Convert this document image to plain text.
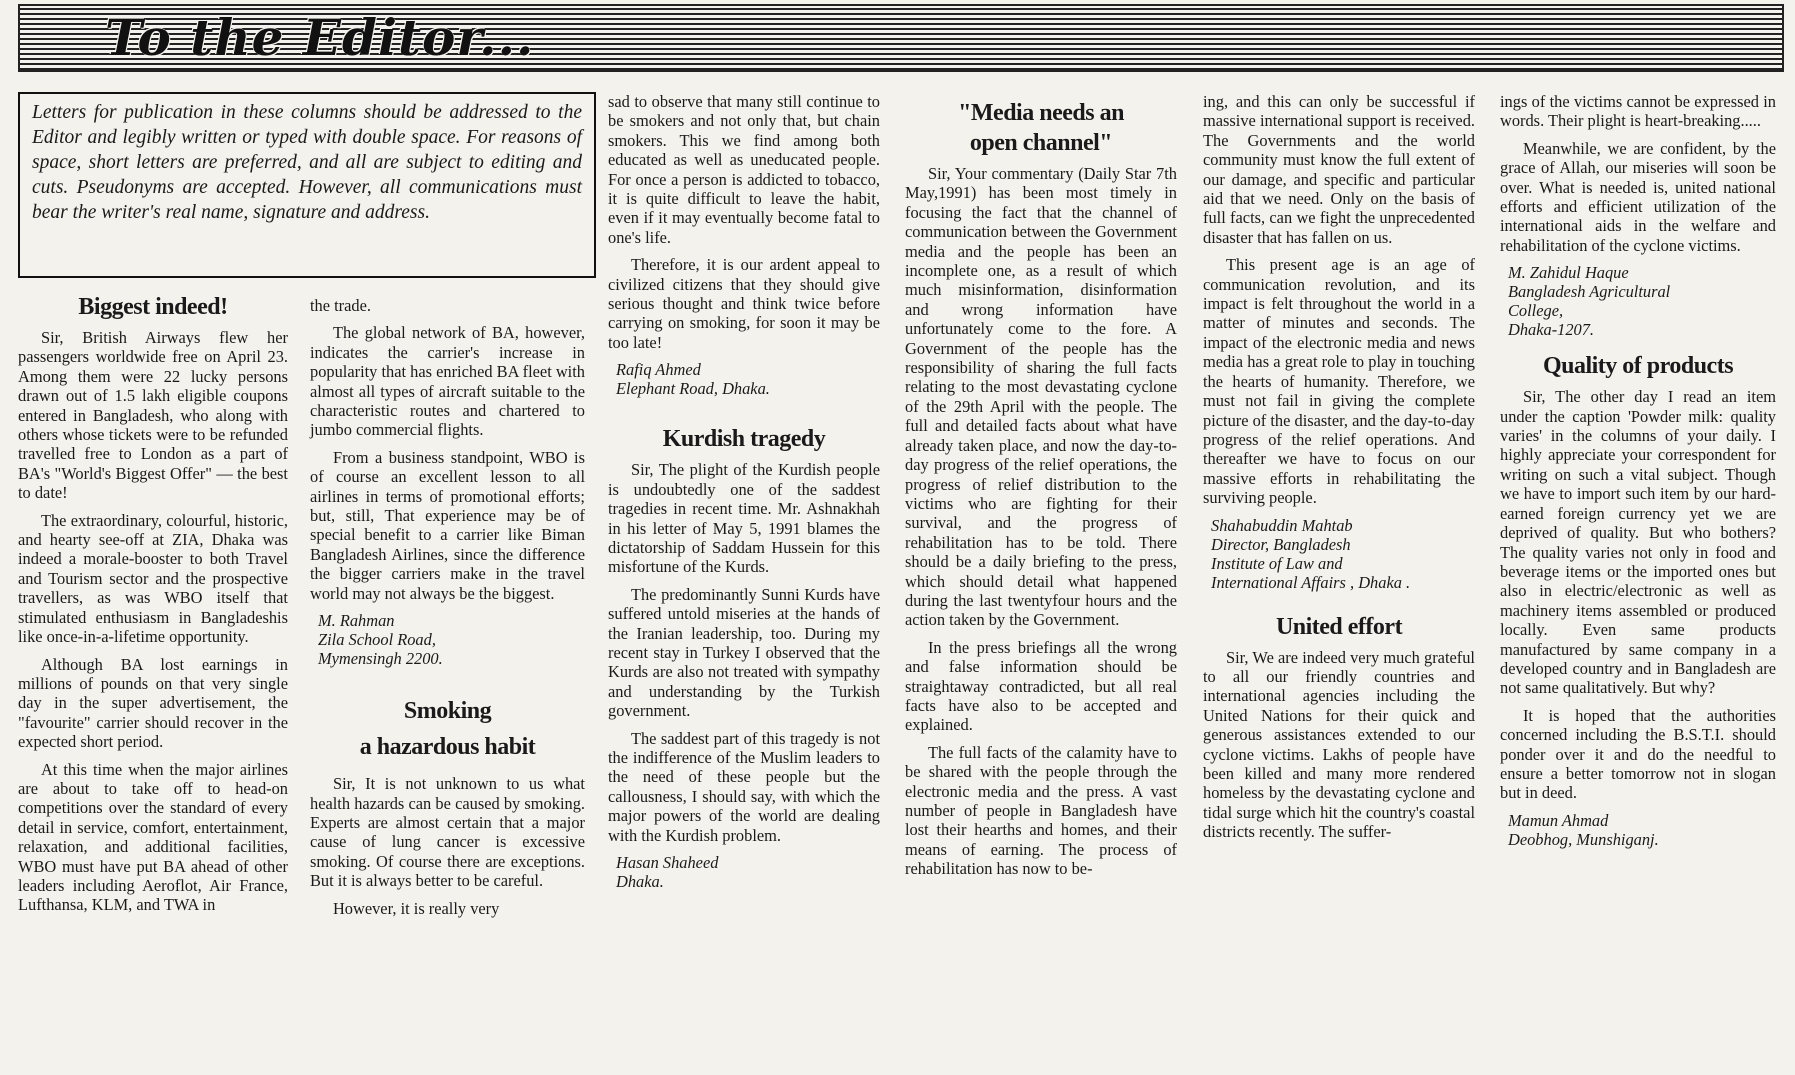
To the Editor...
Letters for publication in these columns should be addressed to the Editor and legibly written or typed with double space. For reasons of space, short letters are preferred, and all are subject to editing and cuts. Pseudonyms are accepted. However, all communications must bear the writer's real name, signature and address.
Biggest indeed!

Sir, British Airways flew her passengers worldwide free on April 23. Among them were 22 lucky persons drawn out of 1.5 lakh eligible coupons entered in Bangladesh, who along with others whose tickets were to be refunded travelled free to London as a part of BA's "World's Biggest Offer" — the best to date!

The extraordinary, colourful, historic, and hearty see-off at ZIA, Dhaka was indeed a morale-booster to both Travel and Tourism sector and the prospective travellers, as was WBO itself that stimulated enthusiasm in Bangladeshis like once-in-a-lifetime opportunity.

Although BA lost earnings in millions of pounds on that very single day in the super advertisement, the "favourite" carrier should recover in the expected short period.

At this time when the major airlines are about to take off to head-on competitions over the standard of every detail in service, comfort, entertainment, relaxation, and additional facilities, WBO must have put BA ahead of other leaders including Aeroflot, Air France, Lufthansa, KLM, and TWA in

the trade.

The global network of BA, however, indicates the carrier's increase in popularity that has enriched BA fleet with almost all types of aircraft suitable to the characteristic routes and chartered to jumbo commercial flights.

From a business standpoint, WBO is of course an excellent lesson to all airlines in terms of promotional efforts; but, still, That experience may be of special benefit to a carrier like Biman Bangladesh Airlines, since the difference the bigger carriers make in the travel world may not always be the biggest.

M. Rahman
Zila School Road,
Mymensingh 2200.
Smoking
a hazardous habit

Sir, It is not unknown to us what health hazards can be caused by smoking. Experts are almost certain that a major cause of lung cancer is excessive smoking. Of course there are exceptions. But it is always better to be careful.

However, it is really very

sad to observe that many still continue to be smokers and not only that, but chain smokers. This we find among both educated as well as uneducated people. For once a person is addicted to tobacco, it is quite difficult to leave the habit, even if it may eventually become fatal to one's life.

Therefore, it is our ardent appeal to civilized citizens that they should give serious thought and think twice before carrying on smoking, for soon it may be too late!

Rafiq Ahmed
Elephant Road, Dhaka.
Kurdish tragedy

Sir, The plight of the Kurdish people is undoubtedly one of the saddest tragedies in recent time. Mr. Ashnakhah in his letter of May 5, 1991 blames the dictatorship of Saddam Hussein for this misfortune of the Kurds.

The predominantly Sunni Kurds have suffered untold miseries at the hands of the Iranian leadership, too. During my recent stay in Turkey I observed that the Kurds are also not treated with sympathy and understanding by the Turkish government.

The saddest part of this tragedy is not the indifference of the Muslim leaders to the need of these people but the callousness, I should say, with which the major powers of the world are dealing with the Kurdish problem.

Hasan Shaheed
Dhaka.
"Media needs an
open channel"

Sir, Your commentary (Daily Star 7th May,1991) has been most timely in focusing the fact that the channel of communication between the Government media and the people has been an incomplete one, as a result of which much misinformation, disinformation and wrong information have unfortunately come to the fore. A Government of the people has the responsibility of sharing the full facts relating to the most devastating cyclone of the 29th April with the people. The full and detailed facts about what have already taken place, and now the day-to-day progress of the relief operations, the progress of relief distribution to the victims who are fighting for their survival, and the progress of rehabilitation has to be told. There should be a daily briefing to the press, which should detail what happened during the last twentyfour hours and the action taken by the Government.

In the press briefings all the wrong and false information should be straightaway contradicted, but all real facts have also to be accepted and explained.

The full facts of the calamity have to be shared with the people through the electronic media and the press. A vast number of people in Bangladesh have lost their hearths and homes, and their means of earning. The process of rehabilitation has now to be-

ing, and this can only be successful if massive international support is received. The Governments and the world community must know the full extent of our damage, and specific and particular aid that we need. Only on the basis of full facts, can we fight the unprecedented disaster that has fallen on us.

This present age is an age of communication revolution, and its impact is felt throughout the world in a matter of minutes and seconds. The impact of the electronic media and news media has a great role to play in touching the hearts of humanity. Therefore, we must not fail in giving the complete picture of the disaster, and the day-to-day progress of the relief operations. And thereafter we have to focus on our massive efforts in rehabilitating the surviving people.

Shahabuddin Mahtab
Director, Bangladesh
Institute of Law and
International Affairs , Dhaka .
United effort

Sir, We are indeed very much grateful to all our friendly countries and international agencies including the United Nations for their quick and generous assistances extended to our cyclone victims. Lakhs of people have been killed and many more rendered homeless by the devastating cyclone and tidal surge which hit the country's coastal districts recently. The suffer-

ings of the victims cannot be expressed in words. Their plight is heart-breaking.....

Meanwhile, we are confident, by the grace of Allah, our miseries will soon be over. What is needed is, united national efforts and efficient utilization of the international aids in the welfare and rehabilitation of the cyclone victims.

M. Zahidul Haque
Bangladesh Agricultural
College,
Dhaka-1207.
Quality of products

Sir, The other day I read an item under the caption 'Powder milk: quality varies' in the columns of your daily. I highly appreciate your correspondent for writing on such a vital subject. Though we have to import such item by our hard-earned foreign currency yet we are deprived of quality. But who bothers? The quality varies not only in food and beverage items or the imported ones but also in electric/electronic as well as machinery items assembled or produced locally. Even same products manufactured by same company in a developed country and in Bangladesh are not same qualitatively. But why?

It is hoped that the authorities concerned including the B.S.T.I. should ponder over it and do the needful to ensure a better tomorrow not in slogan but in deed.

Mamun Ahmad
Deobhog, Munshiganj.
